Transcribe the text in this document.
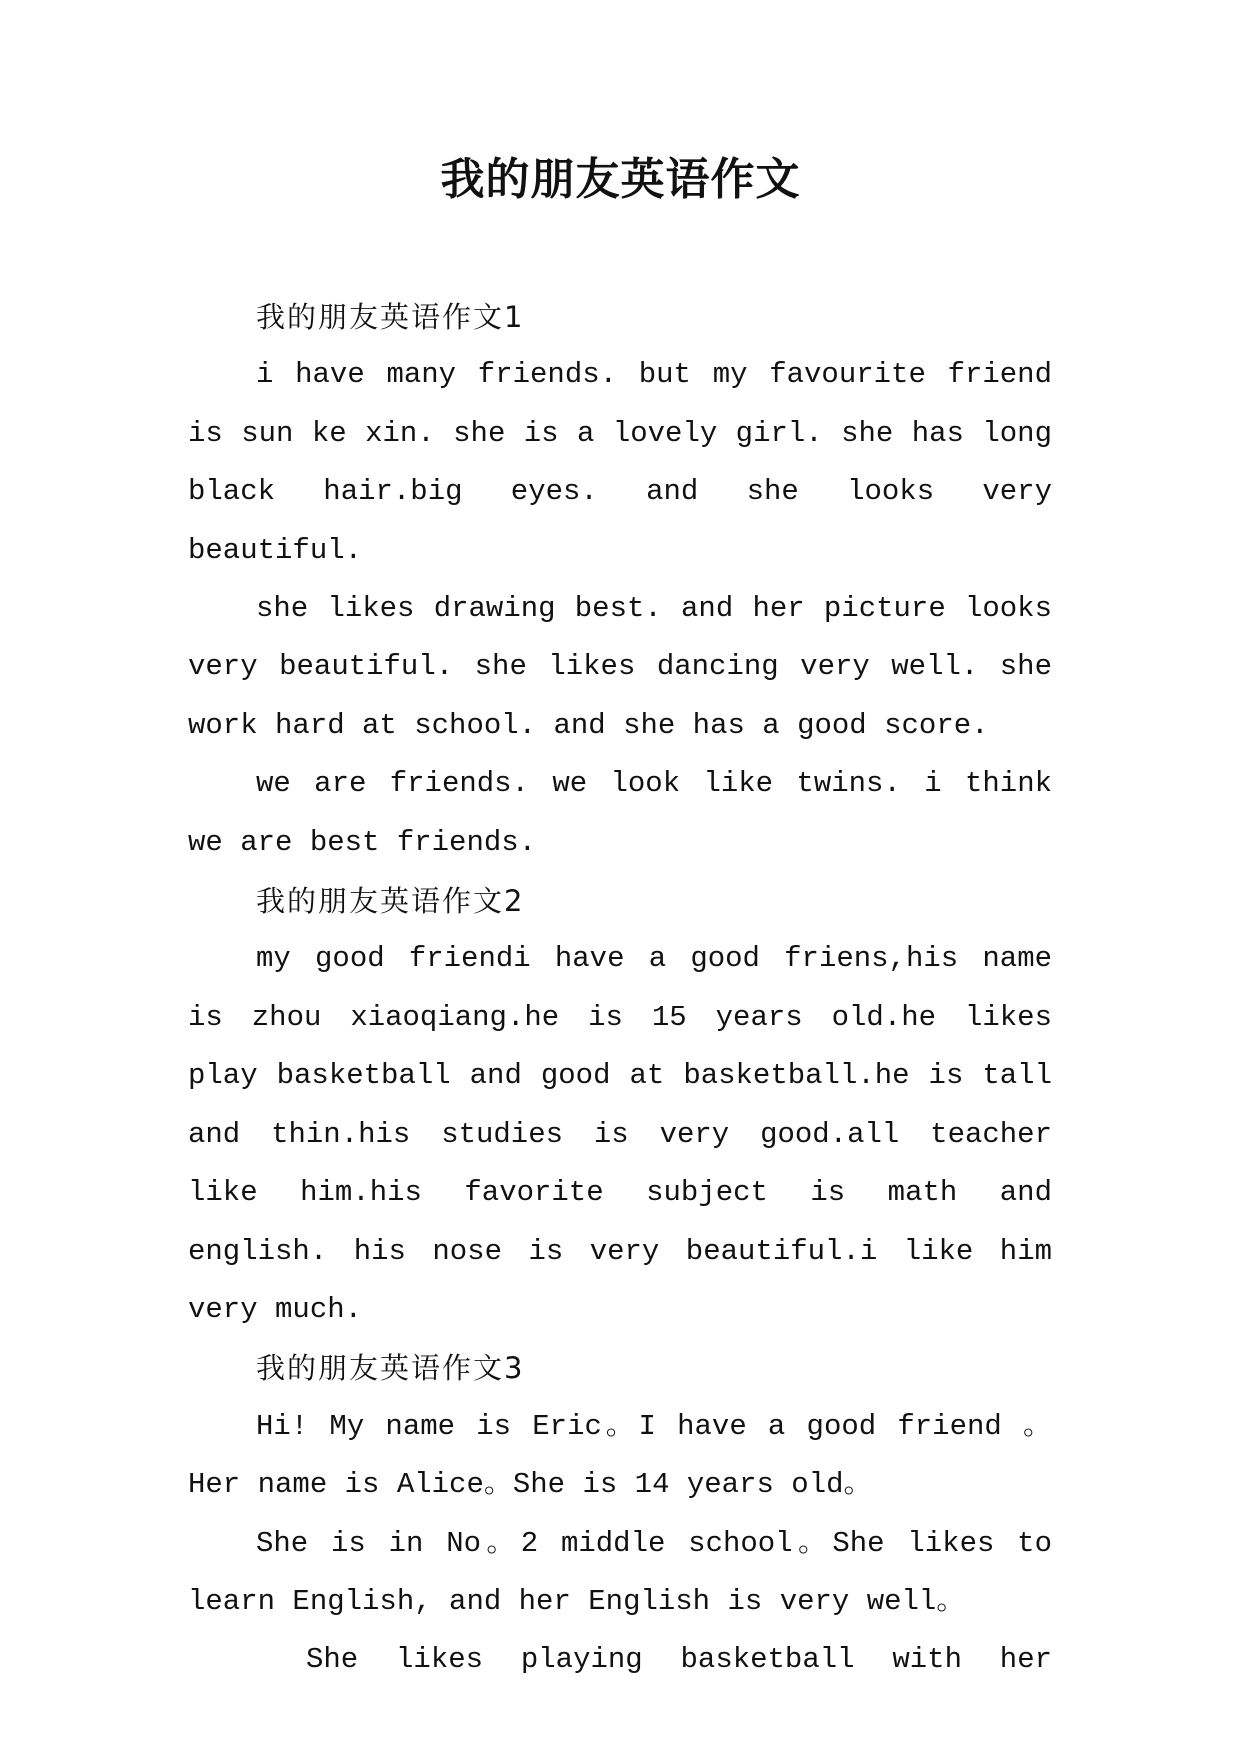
我的朋友英语作文
我的朋友英语作文1

i have many friends. but my favourite friend is sun ke xin. she is a lovely girl. she has long black hair.big eyes. and she looks very beautiful.

she likes drawing best. and her picture looks very beautiful. she likes dancing very well. she work hard at school. and she has a good score.

we are friends. we look like twins. i think we are best friends.

我的朋友英语作文2

my good friendi have a good friens,his name is zhou xiaoqiang.he is 15 years old.he likes play basketball and good at basketball.he is tall and thin.his studies is very good.all teacher like him.his favorite subject is math and english. his nose is very beautiful.i like him very much.

我的朋友英语作文3

Hi! My name is Eric。I have a good friend 。Her name is Alice。She is 14 years old。

She is in No。2 middle school。She likes to learn English, and her English is very well。

She likes playing basketball with her
